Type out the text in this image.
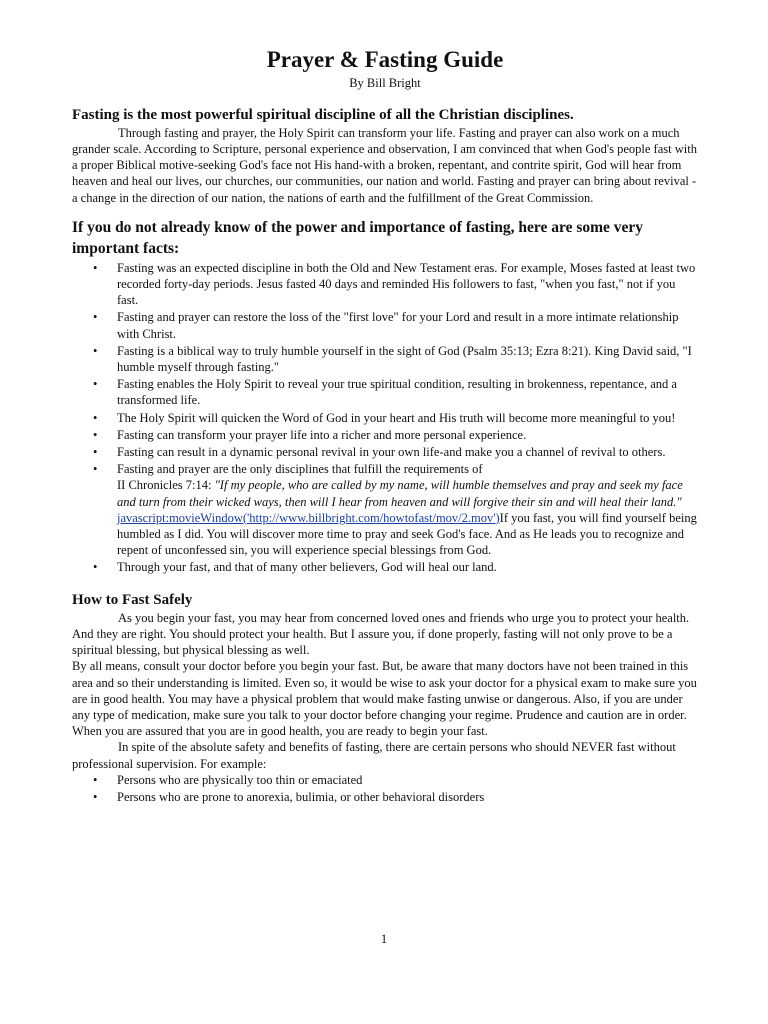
Prayer & Fasting Guide
By Bill Bright
Fasting is the most powerful spiritual discipline of all the Christian disciplines.

Through fasting and prayer, the Holy Spirit can transform your life. Fasting and prayer can also work on a much grander scale. According to Scripture, personal experience and observation, I am convinced that when God's people fast with a proper Biblical motive-seeking God's face not His hand-with a broken, repentant, and contrite spirit, God will hear from heaven and heal our lives, our churches, our communities, our nation and world. Fasting and prayer can bring about revival - a change in the direction of our nation, the nations of earth and the fulfillment of the Great Commission.

If you do not already know of the power and importance of fasting, here are some very important facts:
• Fasting was an expected discipline in both the Old and New Testament eras. For example, Moses fasted at least two recorded forty-day periods. Jesus fasted 40 days and reminded His followers to fast, "when you fast," not if you fast.
• Fasting and prayer can restore the loss of the "first love" for your Lord and result in a more intimate relationship with Christ.
• Fasting is a biblical way to truly humble yourself in the sight of God (Psalm 35:13; Ezra 8:21). King David said, "I humble myself through fasting."
• Fasting enables the Holy Spirit to reveal your true spiritual condition, resulting in brokenness, repentance, and a transformed life.
• The Holy Spirit will quicken the Word of God in your heart and His truth will become more meaningful to you!
• Fasting can transform your prayer life into a richer and more personal experience.
• Fasting can result in a dynamic personal revival in your own life-and make you a channel of revival to others.
• Fasting and prayer are the only disciplines that fulfill the requirements of
II Chronicles 7:14: "If my people, who are called by my name, will humble themselves and pray and seek my face and turn from their wicked ways, then will I hear from heaven and will forgive their sin and will heal their land."
javascript:movieWindow('http://www.billbright.com/howtofast/mov/2.mov')If you fast, you will find yourself being humbled as I did. You will discover more time to pray and seek God's face. And as He leads you to recognize and repent of unconfessed sin, you will experience special blessings from God.
• Through your fast, and that of many other believers, God will heal our land.
How to Fast Safely

As you begin your fast, you may hear from concerned loved ones and friends who urge you to protect your health. And they are right. You should protect your health. But I assure you, if done properly, fasting will not only prove to be a spiritual blessing, but physical blessing as well.

By all means, consult your doctor before you begin your fast. But, be aware that many doctors have not been trained in this area and so their understanding is limited. Even so, it would be wise to ask your doctor for a physical exam to make sure you are in good health. You may have a physical problem that would make fasting unwise or dangerous. Also, if you are under any type of medication, make sure you talk to your doctor before changing your regime. Prudence and caution are in order.

When you are assured that you are in good health, you are ready to begin your fast.

In spite of the absolute safety and benefits of fasting, there are certain persons who should NEVER fast without professional supervision. For example:

• Persons who are physically too thin or emaciated
• Persons who are prone to anorexia, bulimia, or other behavioral disorders
1
